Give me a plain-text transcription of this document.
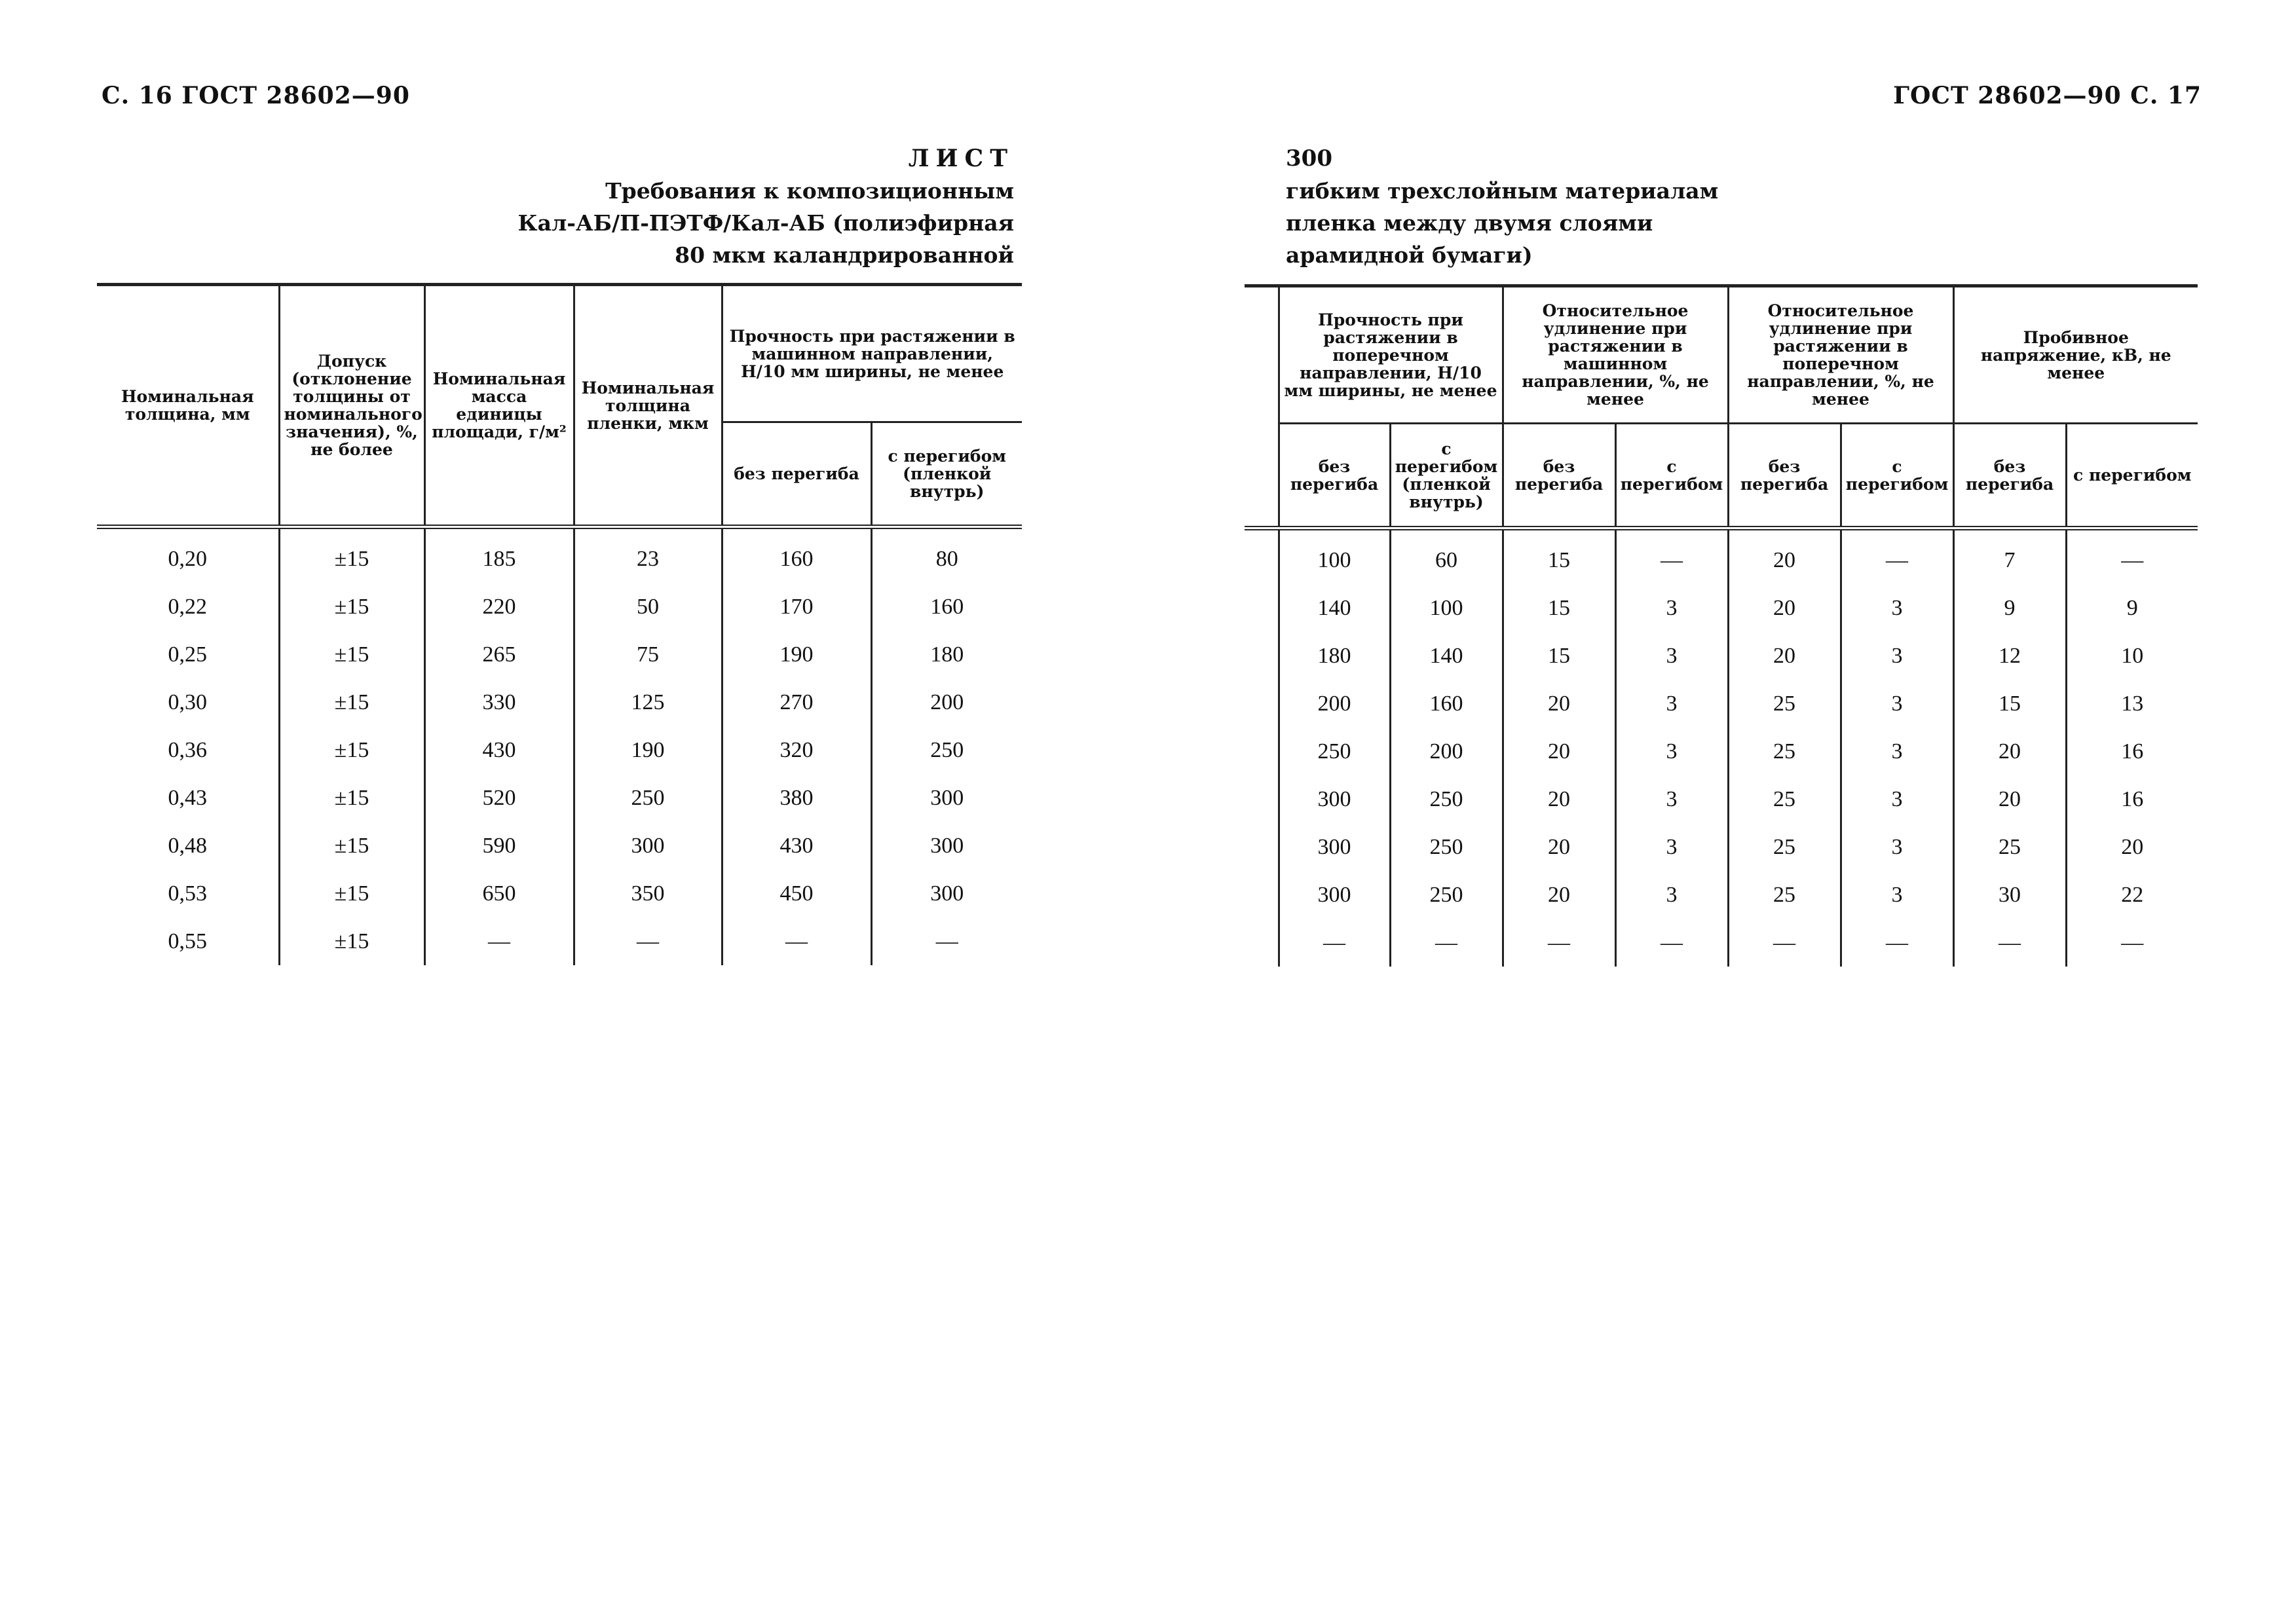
С. 16 ГОСТ 28602—90	ГОСТ 28602—90 С. 17
ЛИСТ
Требования к композиционным
Кал-АБ/П-ПЭТФ/Кал-АБ (полиэфирная
80 мкм каландрированной
300
гибким трехслойным материалам
пленка между двумя слоями
арамидной бумаги)
Номинальная толщина, мм	Допуск (отклонение толщины от номинального значения), %, не более	Номинальная масса единицы площади, г/м²	Номинальная толщина пленки, мкм	Прочность при растяжении в машинном направлении, Н/10 мм ширины, не менее	
				без перегиба	с перегибом (пленкой внутрь)
0,20	±15	185	23	160	80
0,22	±15	220	50	170	160
0,25	±15	265	75	190	180
0,30	±15	330	125	270	200
0,36	±15	430	190	320	250
0,43	±15	520	250	380	300
0,48	±15	590	300	430	300
0,53	±15	650	350	450	300
0,55	±15	—	—	—	—
	Прочность при растяжении в поперечном направлении, Н/10 мм ширины, не менее		Относительное удлинение при растяжении в машинном направлении, %, не менее		Относительное удлинение при растяжении в поперечном направлении, %, не менее		Пробивное напряжение, кВ, не менее	
	без перегиба	с перегибом (пленкой внутрь)	без перегиба	с перегибом	без перегиба	с перегибом	без перегиба	с перегибом
	100	60	15	—	20	—	7	—
	140	100	15	3	20	3	9	9
	180	140	15	3	20	3	12	10
	200	160	20	3	25	3	15	13
	250	200	20	3	25	3	20	16
	300	250	20	3	25	3	20	16
	300	250	20	3	25	3	25	20
	300	250	20	3	25	3	30	22
	—	—	—	—	—	—	—	—
